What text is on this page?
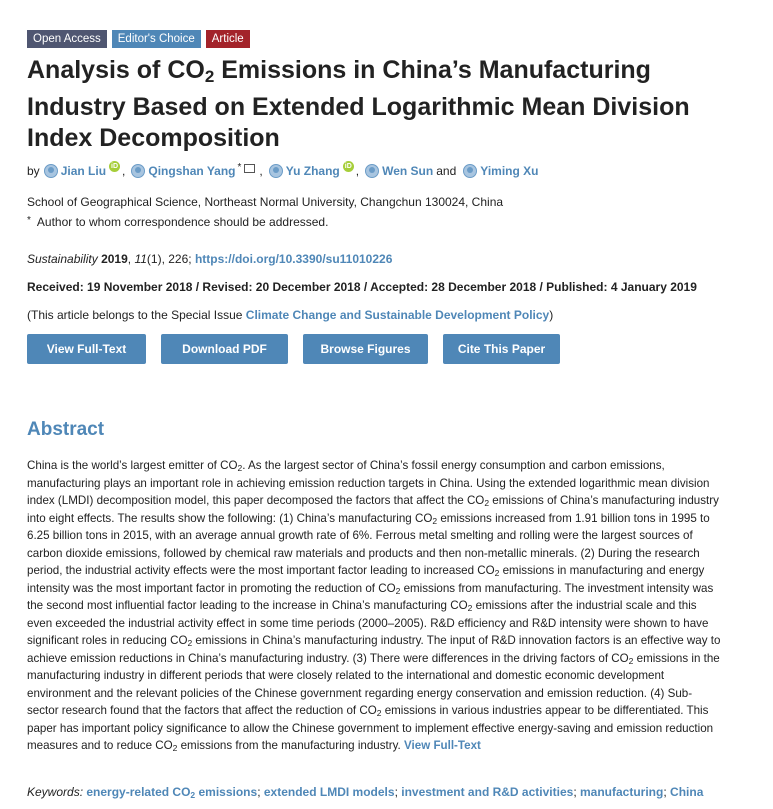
Open Access	Editor's Choice	Article
Analysis of $CO_2$ Emissions in China’s Manufacturing Industry Based on Extended Logarithmic Mean Division Index Decomposition
by Jian Liu iD , Qingshan Yang * , Yu Zhang iD , Wen Sun and Yiming Xu
School of Geographical Science, Northeast Normal University, Changchun 130024, China
* Author to whom correspondence should be addressed.
Sustainability 2019, 11(1), 226; https://doi.org/10.3390/su11010226
Received: 19 November 2018 / Revised: 20 December 2018 / Accepted: 28 December 2018 / Published: 4 January 2019
(This article belongs to the Special Issue Climate Change and Sustainable Development Policy)
View Full-Text	Download PDF	Browse Figures	Cite This Paper
Abstract

China is the world’s largest emitter of $CO_2$. As the largest sector of China’s fossil energy consumption and carbon emissions, manufacturing plays an important role in achieving emission reduction targets in China. Using the extended logarithmic mean division index (LMDI) decomposition model, this paper decomposed the factors that affect the $CO_2$ emissions of China’s manufacturing industry into eight effects. The results show the following: (1) China’s manufacturing $CO_2$ emissions increased from 1.91 billion tons in 1995 to 6.25 billion tons in 2015, with an average annual growth rate of 6%. Ferrous metal smelting and rolling were the largest sources of carbon dioxide emissions, followed by chemical raw materials and products and then non-metallic minerals. (2) During the research period, the industrial activity effects were the most important factor leading to increased $CO_2$ emissions in manufacturing and energy intensity was the most important factor in promoting the reduction of $CO_2$ emissions from manufacturing. The investment intensity was the second most influential factor leading to the increase in China’s manufacturing $CO_2$ emissions after the industrial scale and this even exceeded the industrial activity effect in some time periods (2000–2005). R&D efficiency and R&D intensity were shown to have significant roles in reducing $CO_2$ emissions in China’s manufacturing industry. The input of R&D innovation factors is an effective way to achieve emission reductions in China’s manufacturing industry. (3) There were differences in the driving factors of $CO_2$ emissions in the manufacturing industry in different periods that were closely related to the international and domestic economic development environment and the relevant policies of the Chinese government regarding energy conservation and emission reduction. (4) Sub-sector research found that the factors that affect the reduction of $CO_2$ emissions in various industries appear to be differentiated. This paper has important policy significance to allow the Chinese government to implement effective energy-saving and emission reduction measures and to reduce $CO_2$ emissions from the manufacturing industry. View Full-Text

Keywords: energy-related $CO_2$ emissions; extended LMDI models; investment and R&D activities; manufacturing; China
